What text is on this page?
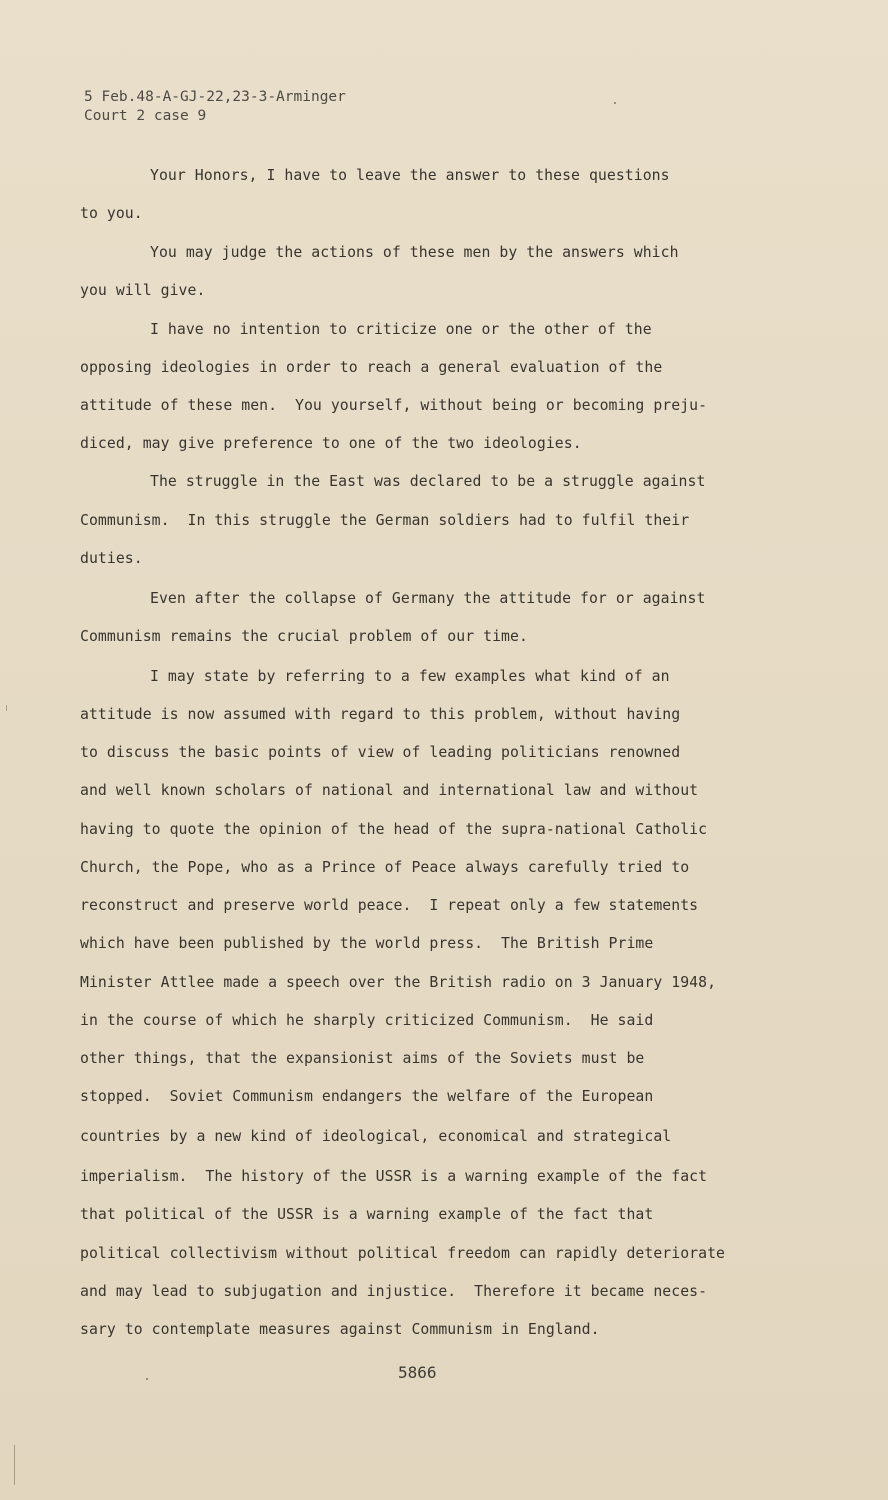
5 Feb.48-A-GJ-22,23-3-Arminger
Court 2 case 9
Your Honors, I have to leave the answer to these questions
to you.
You may judge the actions of these men by the answers which
you will give.
I have no intention to criticize one or the other of the
opposing ideologies in order to reach a general evaluation of the
attitude of these men.  You yourself, without being or becoming preju-
diced, may give preference to one of the two ideologies.
The struggle in the East was declared to be a struggle against
Communism.  In this struggle the German soldiers had to fulfil their
duties.
Even after the collapse of Germany the attitude for or against
Communism remains the crucial problem of our time.
I may state by referring to a few examples what kind of an
attitude is now assumed with regard to this problem, without having
to discuss the basic points of view of leading politicians renowned
and well known scholars of national and international law and without
having to quote the opinion of the head of the supra-national Catholic
Church, the Pope, who as a Prince of Peace always carefully tried to
reconstruct and preserve world peace.  I repeat only a few statements
which have been published by the world press.  The British Prime
Minister Attlee made a speech over the British radio on 3 January 1948,
in the course of which he sharply criticized Communism.  He said
other things, that the expansionist aims of the Soviets must be
stopped.  Soviet Communism endangers the welfare of the European
countries by a new kind of ideological, economical and strategical
imperialism.  The history of the USSR is a warning example of the fact
that political of the USSR is a warning example of the fact that
political collectivism without political freedom can rapidly deteriorate
and may lead to subjugation and injustice.  Therefore it became neces-
sary to contemplate measures against Communism in England.
5866
